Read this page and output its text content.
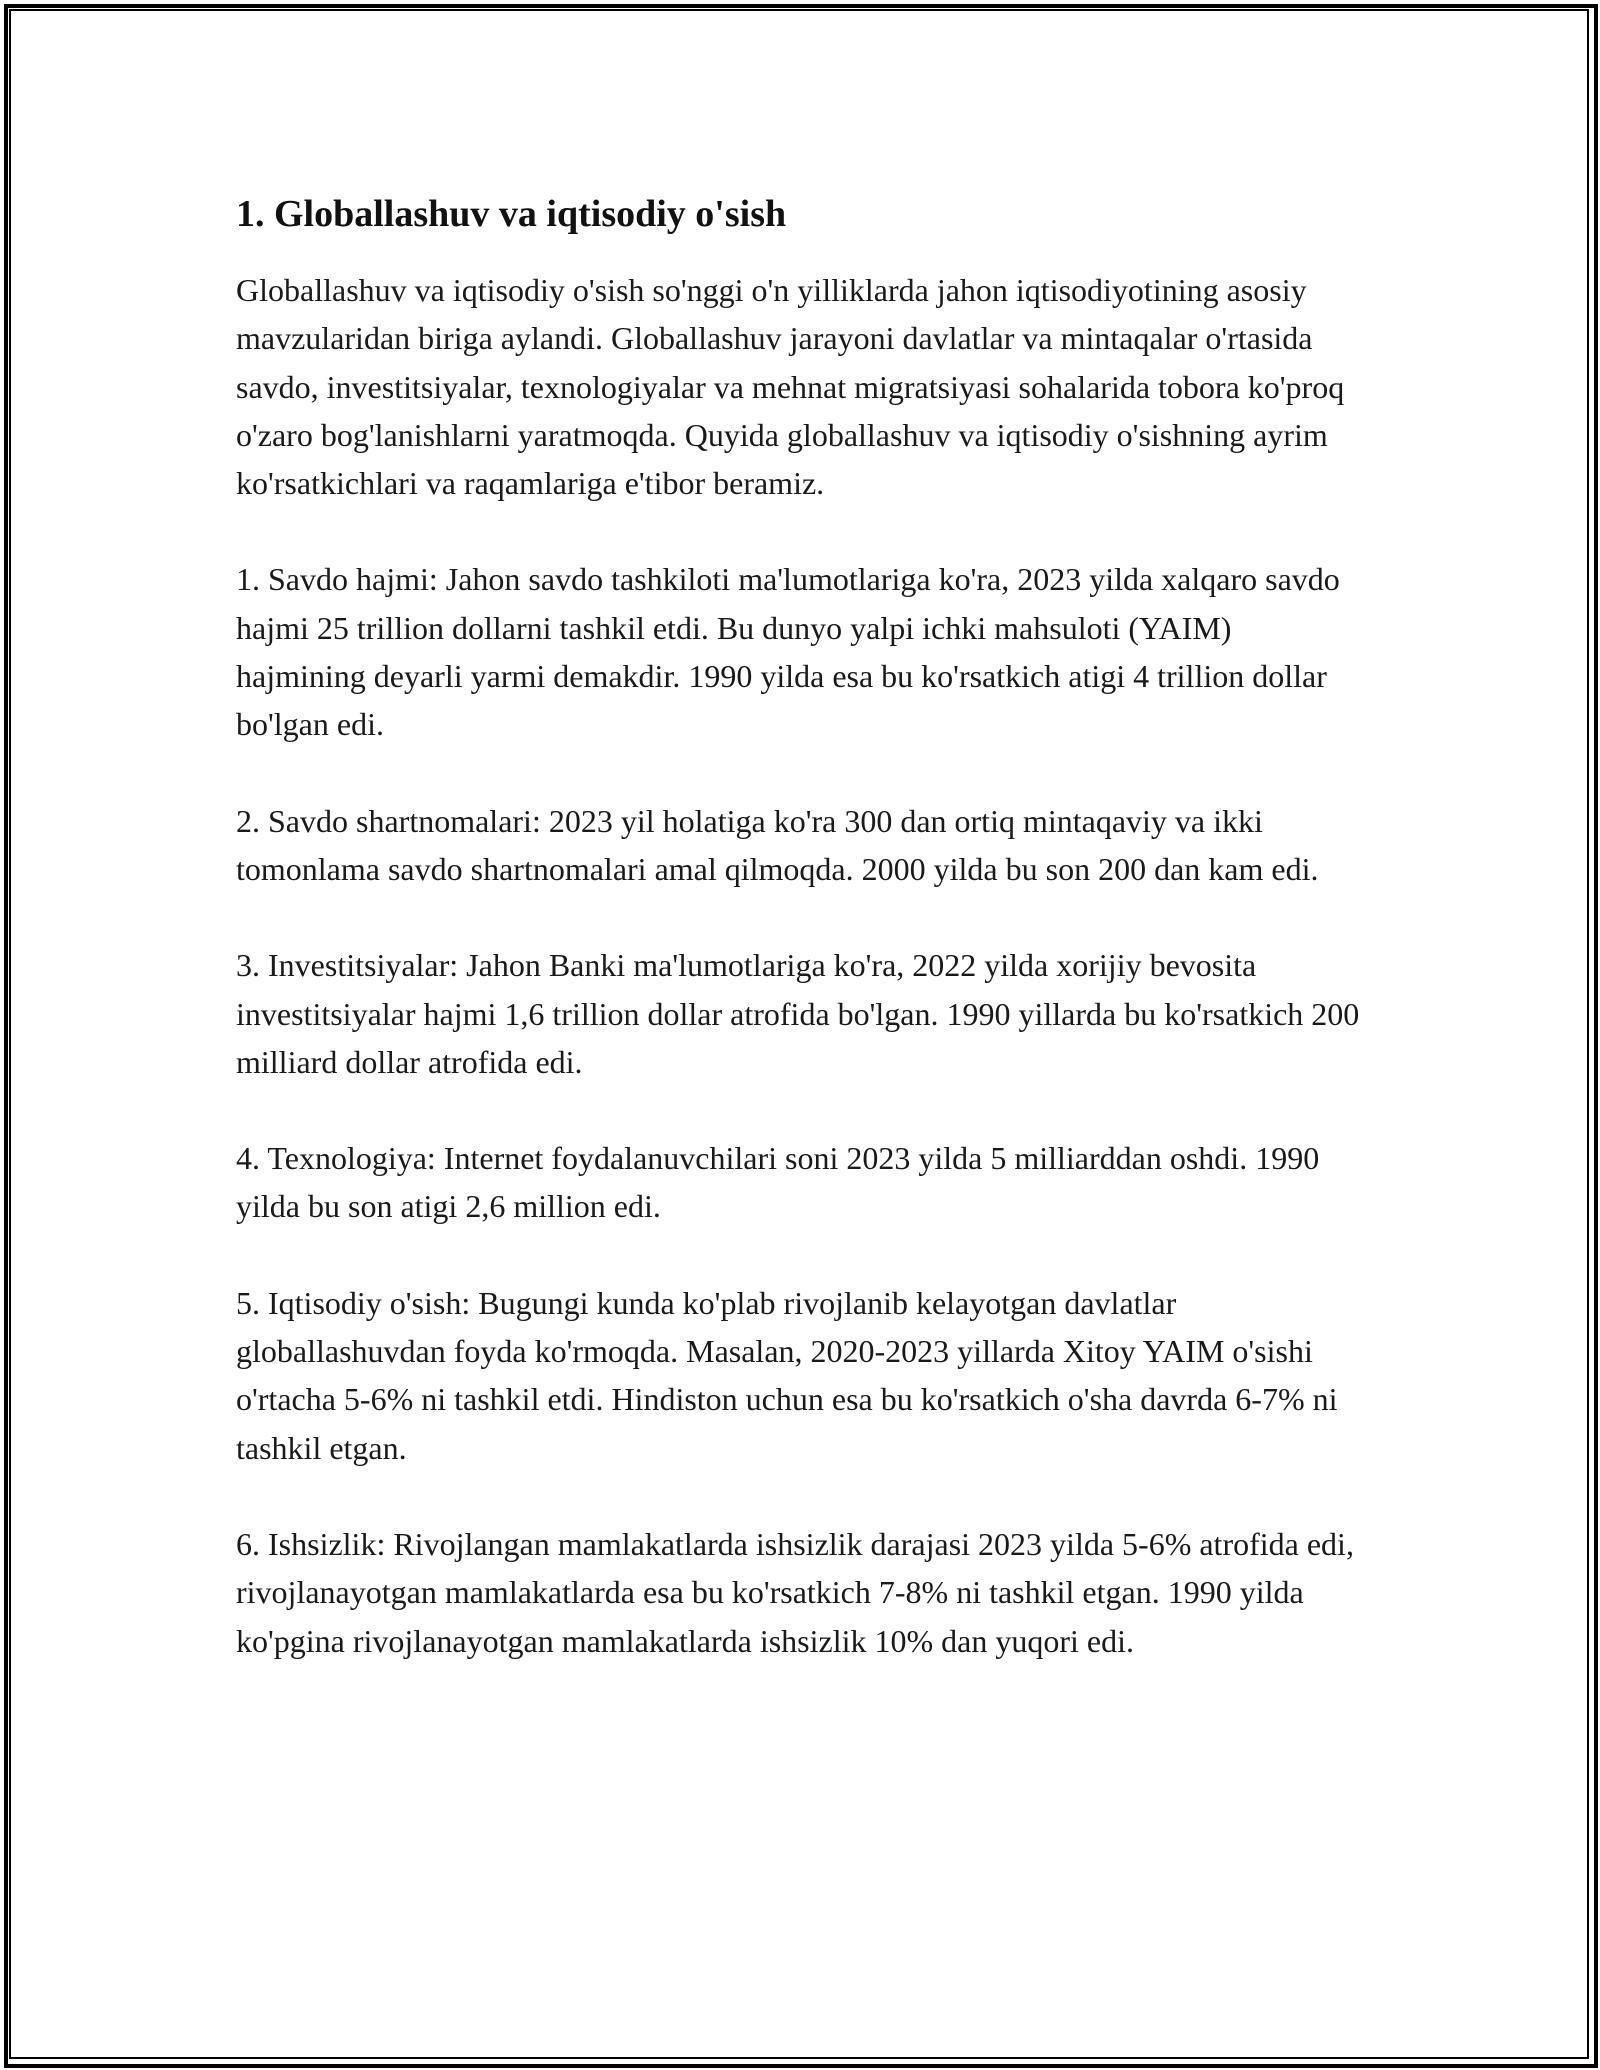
1. Globallashuv va iqtisodiy o'sish

Globallashuv va iqtisodiy o'sish so'nggi o'n yilliklarda jahon iqtisodiyotining asosiy mavzularidan biriga aylandi. Globallashuv jarayoni davlatlar va mintaqalar o'rtasida savdo, investitsiyalar, texnologiyalar va mehnat migratsiyasi sohalarida tobora ko'proq o'zaro bog'lanishlarni yaratmoqda. Quyida globallashuv va iqtisodiy o'sishning ayrim ko'rsatkichlari va raqamlariga e'tibor beramiz.

1. Savdo hajmi: Jahon savdo tashkiloti ma'lumotlariga ko'ra, 2023 yilda xalqaro savdo hajmi 25 trillion dollarni tashkil etdi. Bu dunyo yalpi ichki mahsuloti (YAIM) hajmining deyarli yarmi demakdir. 1990 yilda esa bu ko'rsatkich atigi 4 trillion dollar bo'lgan edi.

2. Savdo shartnomalari: 2023 yil holatiga ko'ra 300 dan ortiq mintaqaviy va ikki tomonlama savdo shartnomalari amal qilmoqda. 2000 yilda bu son 200 dan kam edi.

3. Investitsiyalar: Jahon Banki ma'lumotlariga ko'ra, 2022 yilda xorijiy bevosita investitsiyalar hajmi 1,6 trillion dollar atrofida bo'lgan. 1990 yillarda bu ko'rsatkich 200 milliard dollar atrofida edi.

4. Texnologiya: Internet foydalanuvchilari soni 2023 yilda 5 milliarddan oshdi. 1990 yilda bu son atigi 2,6 million edi.

5. Iqtisodiy o'sish: Bugungi kunda ko'plab rivojlanib kelayotgan davlatlar globallashuvdan foyda ko'rmoqda. Masalan, 2020-2023 yillarda Xitoy YAIM o'sishi o'rtacha 5-6% ni tashkil etdi. Hindiston uchun esa bu ko'rsatkich o'sha davrda 6-7% ni tashkil etgan.

6. Ishsizlik: Rivojlangan mamlakatlarda ishsizlik darajasi 2023 yilda 5-6% atrofida edi, rivojlanayotgan mamlakatlarda esa bu ko'rsatkich 7-8% ni tashkil etgan. 1990 yilda ko'pgina rivojlanayotgan mamlakatlarda ishsizlik 10% dan yuqori edi.
